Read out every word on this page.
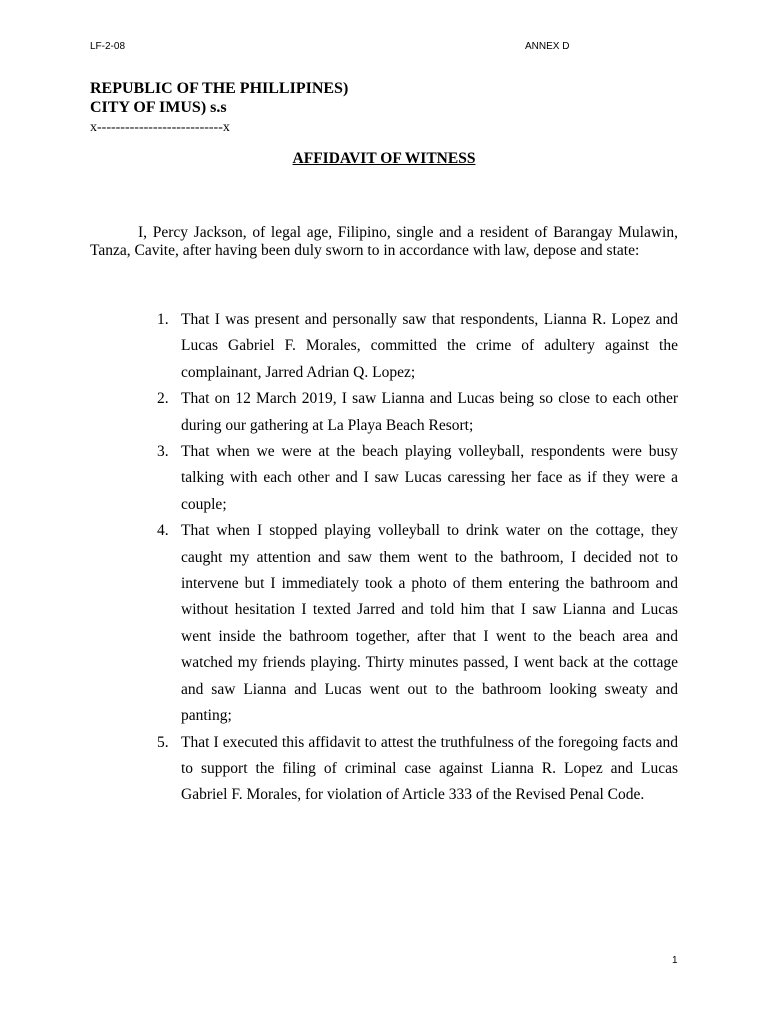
LF-2-08	ANNEX D
REPUBLIC OF THE PHILLIPINES)
CITY OF IMUS) s.s
x---------------------------x
AFFIDAVIT OF WITNESS

I, Percy Jackson, of legal age, Filipino, single and a resident of Barangay Mulawin, Tanza, Cavite, after having been duly sworn to in accordance with law, depose and state:

1. That I was present and personally saw that respondents, Lianna R. Lopez and Lucas Gabriel F. Morales, committed the crime of adultery against the complainant, Jarred Adrian Q. Lopez;
2. That on 12 March 2019, I saw Lianna and Lucas being so close to each other during our gathering at La Playa Beach Resort;
3. That when we were at the beach playing volleyball, respondents were busy talking with each other and I saw Lucas caressing her face as if they were a couple;
4. That when I stopped playing volleyball to drink water on the cottage, they caught my attention and saw them went to the bathroom, I decided not to intervene but I immediately took a photo of them entering the bathroom and without hesitation I texted Jarred and told him that I saw Lianna and Lucas went inside the bathroom together, after that I went to the beach area and watched my friends playing. Thirty minutes passed, I went back at the cottage and saw Lianna and Lucas went out to the bathroom looking sweaty and panting;
5. That I executed this affidavit to attest the truthfulness of the foregoing facts and to support the filing of criminal case against Lianna R. Lopez and Lucas Gabriel F. Morales, for violation of Article 333 of the Revised Penal Code.
1
